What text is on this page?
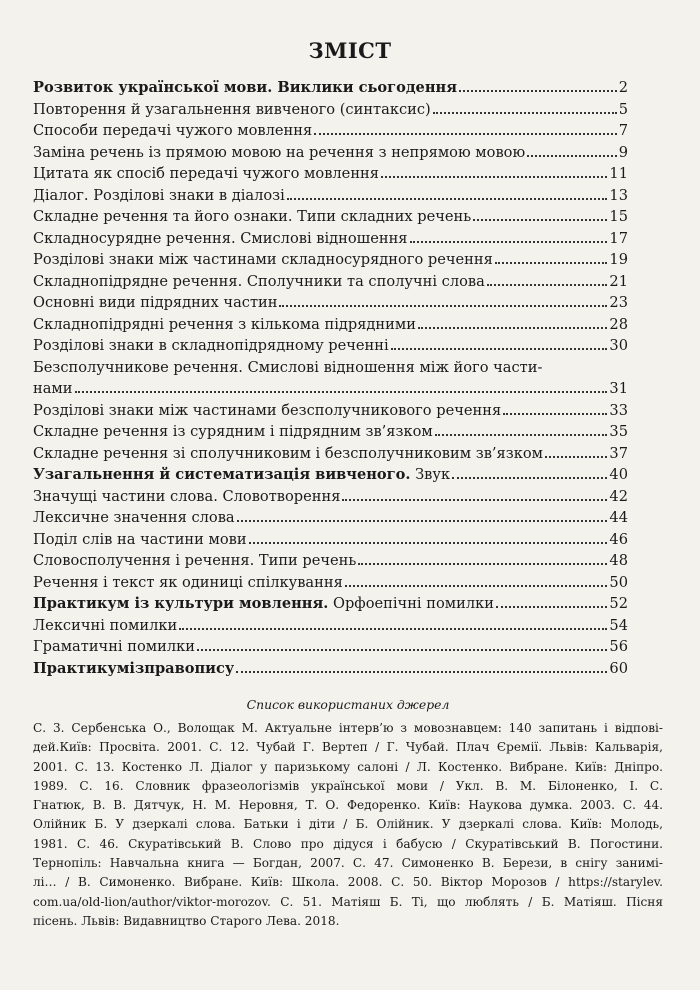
ЗМІСТ
Розвиток української мови. Виклики сьогодення	2
Повторення й узагальнення вивченого (синтаксис)	5
Способи передачі чужого мовлення	7
Заміна речень із прямою мовою на речення з непрямою мовою	9
Цитата як спосіб передачі чужого мовлення	11
Діалог. Розділові знаки в діалозі	13
Складне речення та його ознаки. Типи складних речень	15
Складносурядне речення. Смислові відношення	17
Розділові знаки між частинами складносурядного речення	19
Складнопідрядне речення. Сполучники та сполучні слова	21
Основні види підрядних частин	23
Складнопідрядні речення з кількома підрядними	28
Розділові знаки в складнопідрядному реченні	30
Безсполучникове речення. Смислові відношення між його части-
нами	31
Розділові знаки між частинами безсполучникового речення	33
Складне речення із сурядним і підрядним зв’язком	35
Складне речення зі сполучниковим і безсполучниковим зв’язком	37
Узагальнення й систематизація вивченого. Звук	40
Значущі частини слова. Словотворення	42
Лексичне значення слова	44
Поділ слів на частини мови	46
Словосполучення і речення. Типи речень	48
Речення і текст як одиниці спілкування	50
Практикум із культури мовлення. Орфоепічні помилки	52
Лексичні помилки	54
Граматичні помилки	56
Практикумізправопису	60
Список використаних джерел
С. 3. Сербенська О., Волощак М. Актуальне інтерв’ю з мовознавцем: 140 запитань і відпові-
дей.Київ: Просвіта. 2001. С. 12. Чубай Г. Вертеп / Г. Чубай. Плач Єремії. Львів: Кальварія,
2001. С. 13. Костенко Л. Діалог у паризькому салоні / Л. Костенко. Вибране. Київ: Дніпро.
1989. С. 16. Словник фразеологізмів української мови / Укл. В. М. Білоненко, І. С.
Гнатюк, В. В. Дятчук, Н. М. Неровня, Т. О. Федоренко. Київ: Наукова думка. 2003. С. 44.
Олійник Б. У дзеркалі слова. Батьки і діти / Б. Олійник. У дзеркалі слова. Київ: Молодь,
1981. С. 46. Скуратівський В. Слово про дідуся і бабусю / Скуратівський В. Погостини.
Тернопіль: Навчальна книга — Богдан, 2007. С. 47. Симоненко В. Берези, в снігу занимі-
лі… / В. Симоненко. Вибране. Київ: Школа. 2008. С. 50. Віктор Морозов / https://starylev.
com.ua/old-lion/author/viktor-morozov. С. 51. Матіяш Б. Ті, що люблять / Б. Матіяш. Пісня
пісень. Львів: Видавництво Старого Лева. 2018.
